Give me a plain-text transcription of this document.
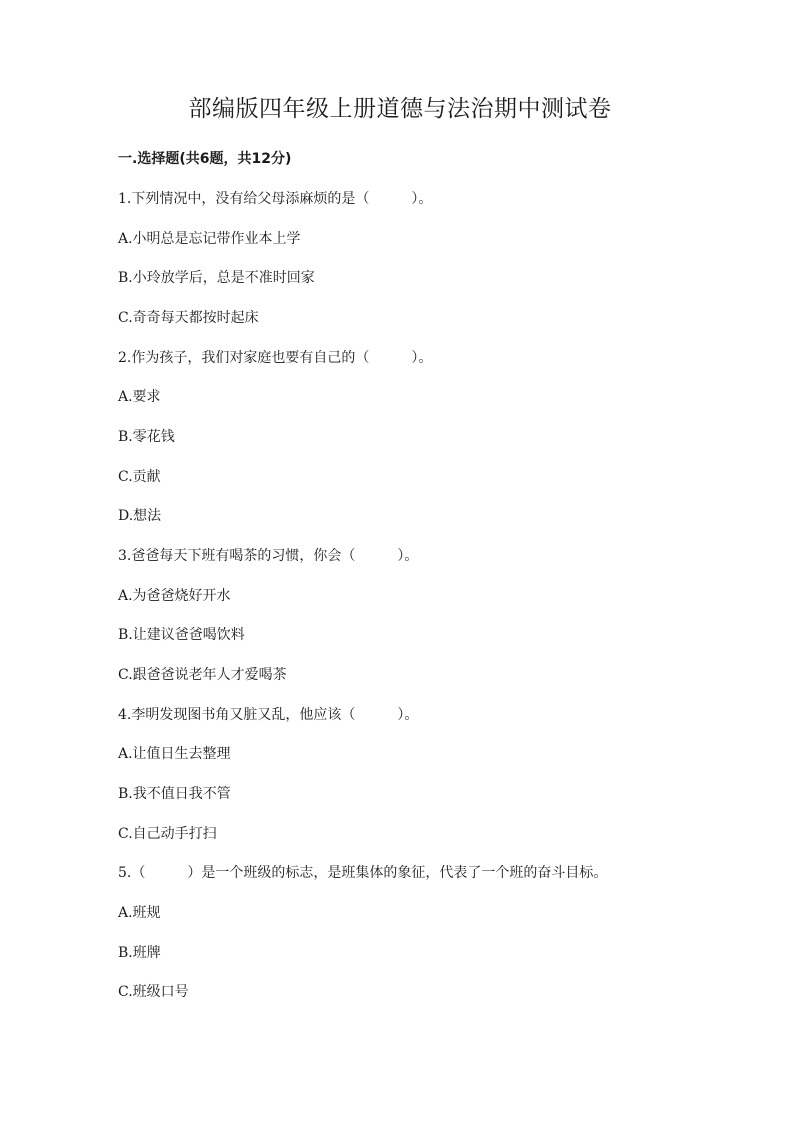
部编版四年级上册道德与法治期中测试卷
一.选择题(共6题，共12分)
1.下列情况中，没有给父母添麻烦的是（　　　）。
A.小明总是忘记带作业本上学
B.小玲放学后，总是不准时回家
C.奇奇每天都按时起床
2.作为孩子，我们对家庭也要有自己的（　　　）。
A.要求
B.零花钱
C.贡献
D.想法
3.爸爸每天下班有喝茶的习惯，你会（　　　）。
A.为爸爸烧好开水
B.让建议爸爸喝饮料
C.跟爸爸说老年人才爱喝茶
4.李明发现图书角又脏又乱，他应该（　　　）。
A.让值日生去整理
B.我不值日我不管
C.自己动手打扫
5.（　　　）是一个班级的标志，是班集体的象征，代表了一个班的奋斗目标。
A.班规
B.班牌
C.班级口号
